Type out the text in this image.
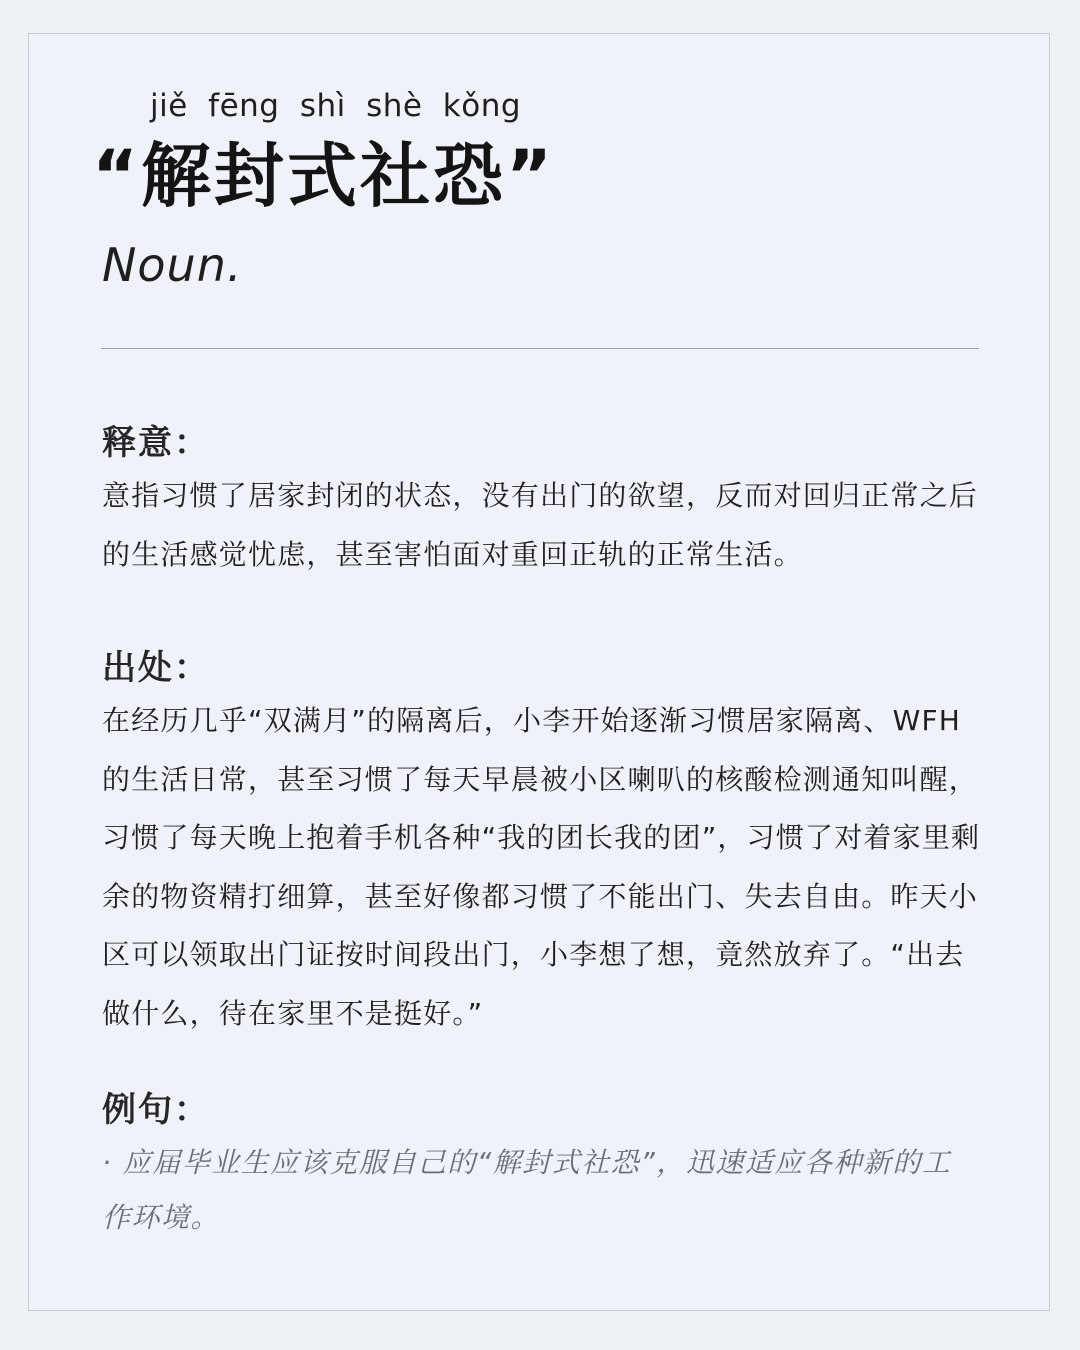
jiě fēng shì shè kǒng
“解封式社恐”
Noun.
释意：
意指习惯了居家封闭的状态，没有出门的欲望，反而对回归正常之后的生活感觉忧虑，甚至害怕面对重回正轨的正常生活。
出处：
在经历几乎“双满月”的隔离后，小李开始逐渐习惯居家隔离、WFH 的生活日常，甚至习惯了每天早晨被小区喇叭的核酸检测通知叫醒，习惯了每天晚上抱着手机各种“我的团长我的团”，习惯了对着家里剩余的物资精打细算，甚至好像都习惯了不能出门、失去自由。昨天小区可以领取出门证按时间段出门，小李想了想，竟然放弃了。“出去做什么，待在家里不是挺好。”
例句：
· 应届毕业生应该克服自己的“解封式社恐”，迅速适应各种新的工作环境。
